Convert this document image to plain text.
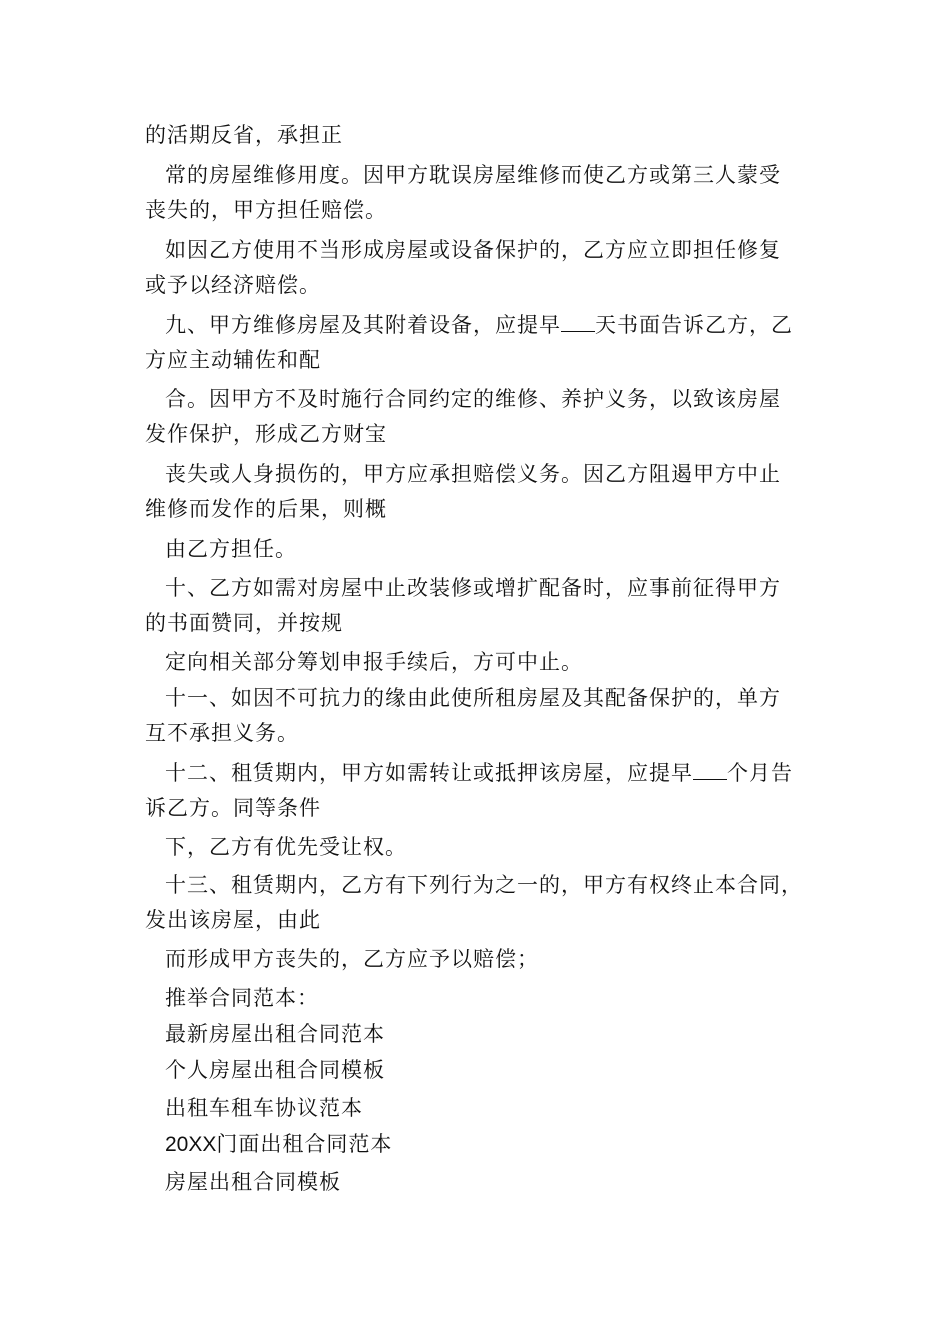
的活期反省，承担正
常的房屋维修用度。因甲方耽误房屋维修而使乙方或第三人蒙受
丧失的，甲方担任赔偿。
如因乙方使用不当形成房屋或设备保护的，乙方应立即担任修复
或予以经济赔偿。
九、甲方维修房屋及其附着设备，应提早 天书面告诉乙方，乙
方应主动辅佐和配
合。因甲方不及时施行合同约定的维修、养护义务，以致该房屋
发作保护，形成乙方财宝
丧失或人身损伤的，甲方应承担赔偿义务。因乙方阻遏甲方中止
维修而发作的后果，则概
由乙方担任。
十、乙方如需对房屋中止改装修或增扩配备时，应事前征得甲方
的书面赞同，并按规
定向相关部分筹划申报手续后，方可中止。
十一、如因不可抗力的缘由此使所租房屋及其配备保护的，单方
互不承担义务。
十二、租赁期内，甲方如需转让或抵押该房屋，应提早 个月告
诉乙方。同等条件
下，乙方有优先受让权。
十三、租赁期内，乙方有下列行为之一的，甲方有权终止本合同，
发出该房屋，由此
而形成甲方丧失的，乙方应予以赔偿；
推举合同范本：
最新房屋出租合同范本
个人房屋出租合同模板
出租车租车协议范本
20XX门面出租合同范本
房屋出租合同模板
